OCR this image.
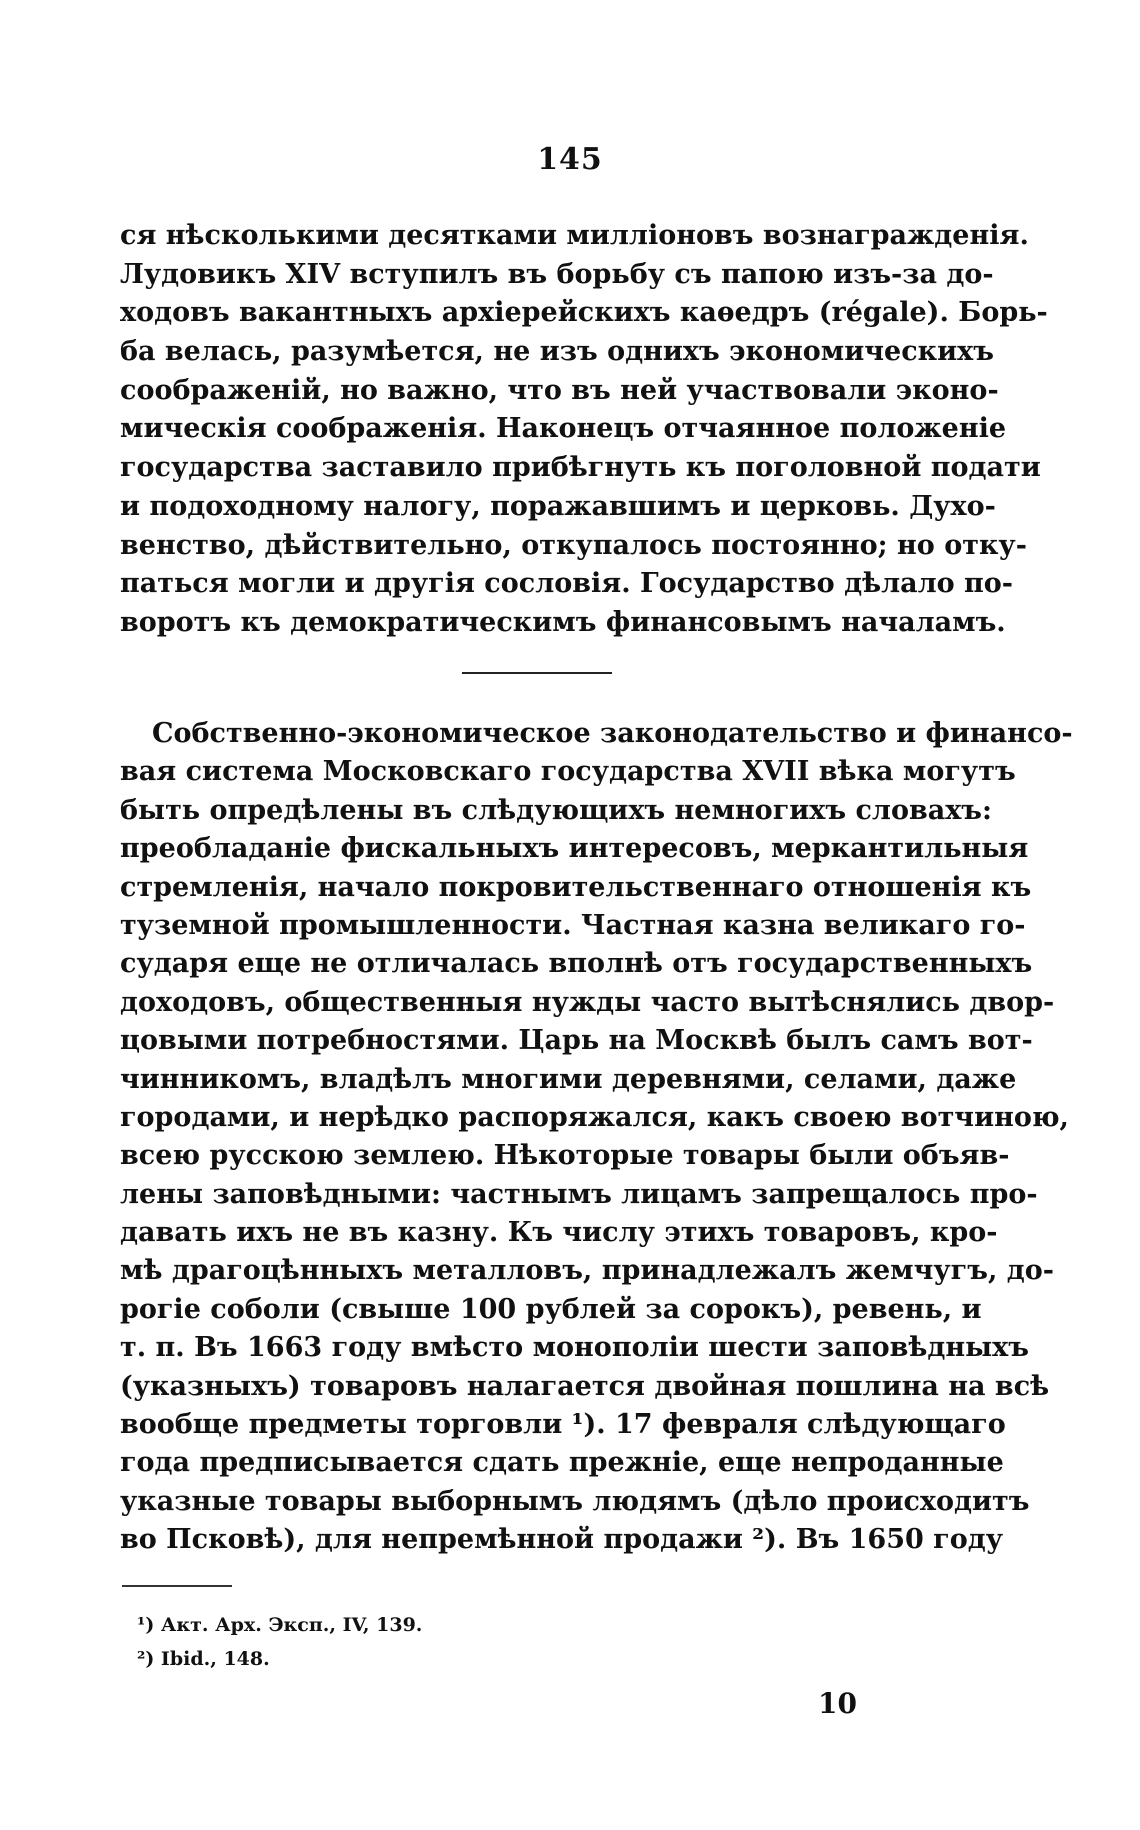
145
ся нѣсколькими десятками милліоновъ вознагражденія.
Лудовикъ XIV вступилъ въ борьбу съ папою изъ-за до-
ходовъ вакантныхъ архіерейскихъ каѳедръ (régale). Борь-
ба велась, разумѣется, не изъ однихъ экономическихъ
соображеній, но важно, что въ ней участвовали эконо-
мическія соображенія. Наконецъ отчаянное положеніе
государства заставило прибѣгнуть къ поголовной подати
и подоходному налогу, поражавшимъ и церковь. Духо-
венство, дѣйствительно, откупалось постоянно; но отку-
паться могли и другія сословія. Государство дѣлало по-
воротъ къ демократическимъ финансовымъ началамъ.
Собственно-экономическое законодательство и финансо-
вая система Московскаго государства XVII вѣка могутъ
быть опредѣлены въ слѣдующихъ немногихъ словахъ:
преобладаніе фискальныхъ интересовъ, меркантильныя
стремленія, начало покровительственнаго отношенія къ
туземной промышленности. Частная казна великаго го-
сударя еще не отличалась вполнѣ отъ государственныхъ
доходовъ, общественныя нужды часто вытѣснялись двор-
цовыми потребностями. Царь на Москвѣ былъ самъ вот-
чинникомъ, владѣлъ многими деревнями, селами, даже
городами, и нерѣдко распоряжался, какъ своею вотчиною,
всею русскою землею. Нѣкоторые товары были объяв-
лены заповѣдными: частнымъ лицамъ запрещалось про-
давать ихъ не въ казну. Къ числу этихъ товаровъ, кро-
мѣ драгоцѣнныхъ металловъ, принадлежалъ жемчугъ, до-
рогіе соболи (свыше 100 рублей за сорокъ), ревень, и
т. п. Въ 1663 году вмѣсто монополіи шести заповѣдныхъ
(указныхъ) товаровъ налагается двойная пошлина на всѣ
вообще предметы торговли ¹). 17 февраля слѣдующаго
года предписывается сдать прежніе, еще непроданные
указные товары выборнымъ людямъ (дѣло происходитъ
во Псковѣ), для непремѣнной продажи ²). Въ 1650 году
¹) Акт. Арх. Эксп., IV, 139.
²) Ibid., 148.
10
